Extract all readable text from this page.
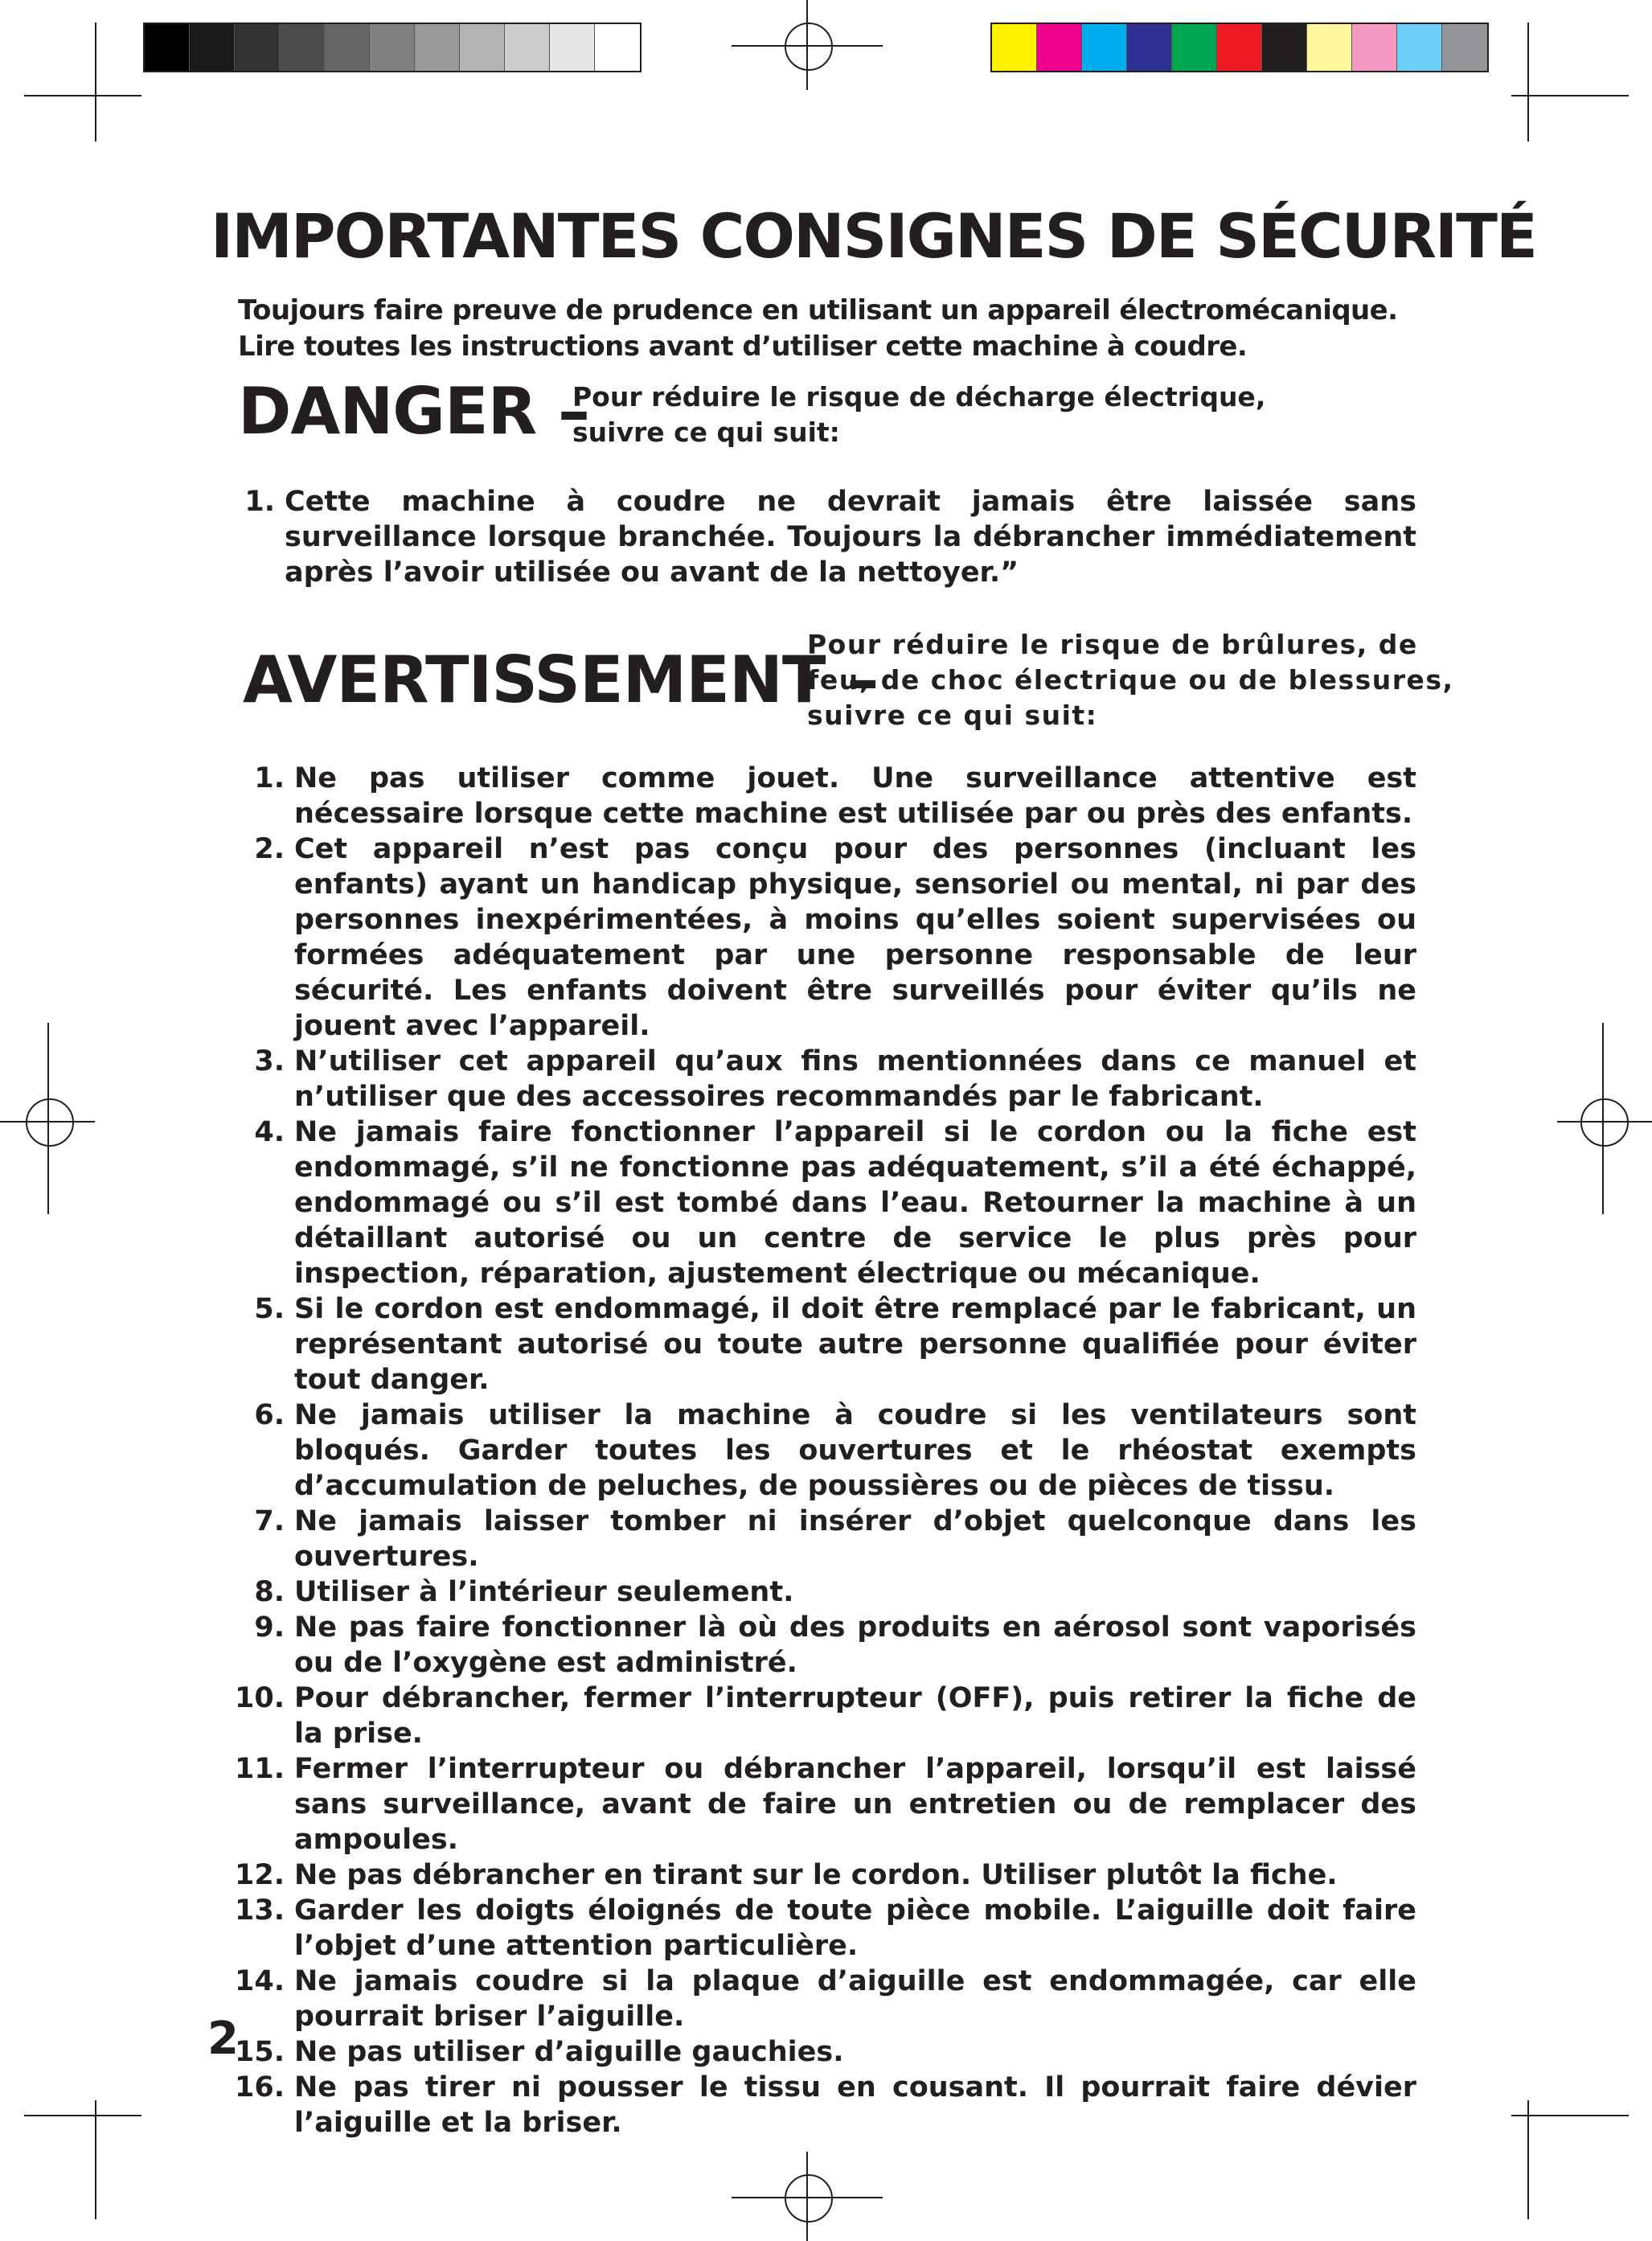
IMPORTANTES CONSIGNES DE SÉCURITÉ
Toujours faire preuve de prudence en utilisant un appareil électromécanique.
Lire toutes les instructions avant d’utiliser cette machine à coudre.
DANGER –
Pour réduire le risque de décharge électrique,
suivre ce qui suit:
1. Cette machine à coudre ne devrait jamais être laissée sans surveillance lorsque branchée. Toujours la débrancher immédiatement après l’avoir utilisée ou avant de la nettoyer.”
AVERTISSEMENT –
Pour réduire le risque de brûlures, de
feu, de choc électrique ou de blessures,
suivre ce qui suit:
1. Ne pas utiliser comme jouet. Une surveillance attentive est nécessaire lorsque cette machine est utilisée par ou près des enfants.
2. Cet appareil n’est pas conçu pour des personnes (incluant les enfants) ayant un handicap physique, sensoriel ou mental, ni par des personnes inexpérimentées, à moins qu’elles soient supervisées ou formées adéquatement par une personne responsable de leur sécurité. Les enfants doivent être surveillés pour éviter qu’ils ne jouent avec l’appareil.
3. N’utiliser cet appareil qu’aux fins mentionnées dans ce manuel et n’utiliser que des accessoires recommandés par le fabricant.
4. Ne jamais faire fonctionner l’appareil si le cordon ou la fiche est endommagé, s’il ne fonctionne pas adéquatement, s’il a été échappé, endommagé ou s’il est tombé dans l’eau. Retourner la machine à un détaillant autorisé ou un centre de service le plus près pour inspection, réparation, ajustement électrique ou mécanique.
5. Si le cordon est endommagé, il doit être remplacé par le fabricant, un représentant autorisé ou toute autre personne qualifiée pour éviter tout danger.
6. Ne jamais utiliser la machine à coudre si les ventilateurs sont bloqués. Garder toutes les ouvertures et le rhéostat exempts d’accumulation de peluches, de poussières ou de pièces de tissu.
7. Ne jamais laisser tomber ni insérer d’objet quelconque dans les ouvertures.
8. Utiliser à l’intérieur seulement.
9. Ne pas faire fonctionner là où des produits en aérosol sont vaporisés ou de l’oxygène est administré.
10. Pour débrancher, fermer l’interrupteur (OFF), puis retirer la fiche de la prise.
11. Fermer l’interrupteur ou débrancher l’appareil, lorsqu’il est laissé sans surveillance, avant de faire un entretien ou de remplacer des ampoules.
12. Ne pas débrancher en tirant sur le cordon. Utiliser plutôt la fiche.
13. Garder les doigts éloignés de toute pièce mobile. L’aiguille doit faire l’objet d’une attention particulière.
14. Ne jamais coudre si la plaque d’aiguille est endommagée, car elle pourrait briser l’aiguille.
15. Ne pas utiliser d’aiguille gauchies.
16. Ne pas tirer ni pousser le tissu en cousant. Il pourrait faire dévier l’aiguille et la briser.
2
